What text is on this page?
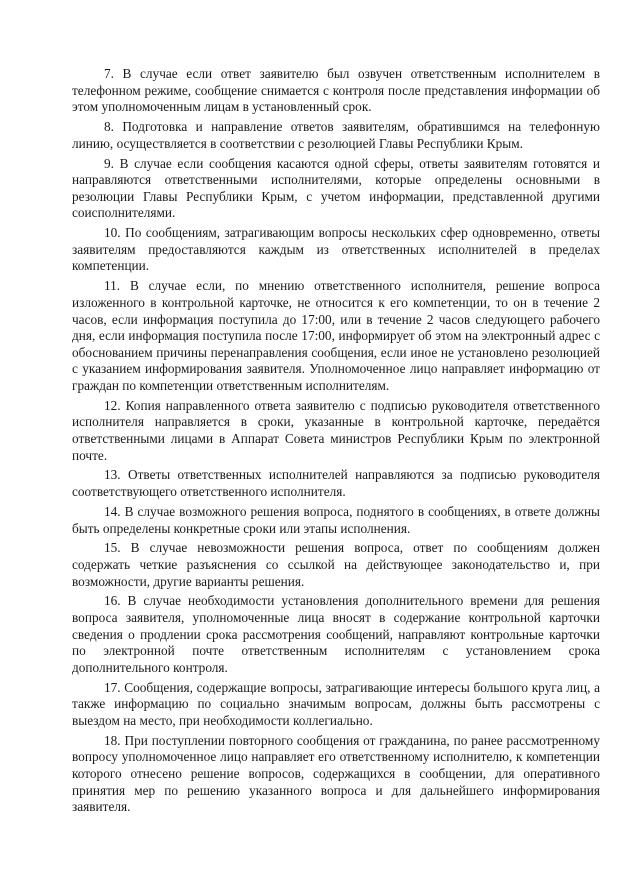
7. В случае если ответ заявителю был озвучен ответственным исполнителем в телефонном режиме, сообщение снимается с контроля после представления информации об этом уполномоченным лицам в установленный срок.

8. Подготовка и направление ответов заявителям, обратившимся на телефонную линию, осуществляется в соответствии с резолюцией Главы Республики Крым.

9. В случае если сообщения касаются одной сферы, ответы заявителям готовятся и направляются ответственными исполнителями, которые определены основными в резолюции Главы Республики Крым, с учетом информации, представленной другими соисполнителями.

10. По сообщениям, затрагивающим вопросы нескольких сфер одновременно, ответы заявителям предоставляются каждым из ответственных исполнителей в пределах компетенции.

11. В случае если, по мнению ответственного исполнителя, решение вопроса изложенного в контрольной карточке, не относится к его компетенции, то он в течение 2 часов, если информация поступила до 17:00, или в течение 2 часов следующего рабочего дня, если информация поступила после 17:00, информирует об этом на электронный адрес с обоснованием причины перенаправления сообщения, если иное не установлено резолюцией с указанием информирования заявителя. Уполномоченное лицо направляет информацию от граждан по компетенции ответственным исполнителям.

12. Копия направленного ответа заявителю с подписью руководителя ответственного исполнителя направляется в сроки, указанные в контрольной карточке, передаётся ответственными лицами в Аппарат Совета министров Республики Крым по электронной почте.

13. Ответы ответственных исполнителей направляются за подписью руководителя соответствующего ответственного исполнителя.

14. В случае возможного решения вопроса, поднятого в сообщениях, в ответе должны быть определены конкретные сроки или этапы исполнения.

15. В случае невозможности решения вопроса, ответ по сообщениям должен содержать четкие разъяснения со ссылкой на действующее законодательство и, при возможности, другие варианты решения.

16. В случае необходимости установления дополнительного времени для решения вопроса заявителя, уполномоченные лица вносят в содержание контрольной карточки сведения о продлении срока рассмотрения сообщений, направляют контрольные карточки по электронной почте ответственным исполнителям с установлением срока дополнительного контроля.

17. Сообщения, содержащие вопросы, затрагивающие интересы большого круга лиц, а также информацию по социально значимым вопросам, должны быть рассмотрены с выездом на место, при необходимости коллегиально.

18. При поступлении повторного сообщения от гражданина, по ранее рассмотренному вопросу уполномоченное лицо направляет его ответственному исполнителю, к компетенции которого отнесено решение вопросов, содержащихся в сообщении, для оперативного принятия мер по решению указанного вопроса и для дальнейшего информирования заявителя.
